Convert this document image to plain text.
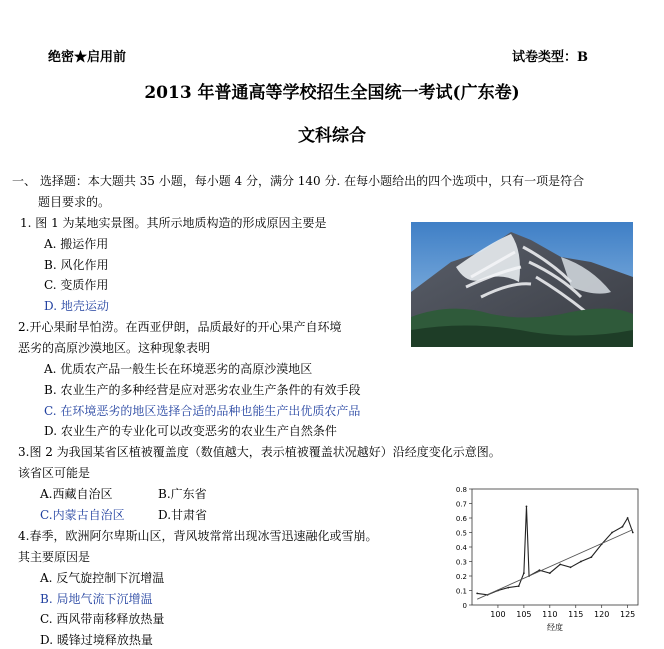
绝密★启用前	试卷类型：B
2013 年普通高等学校招生全国统一考试(广东卷)
文科综合
一、 选择题：本大题共 35 小题，每小题 4 分，满分 140 分. 在每小题给出的四个选项中，只有一项是符合
题目要求的。
1. 图 1 为某地实景图。其所示地质构造的形成原因主要是
A. 搬运作用
B. 风化作用
C. 变质作用
D. 地壳运动
2.开心果耐旱怕涝。在西亚伊朗，品质最好的开心果产自环境
恶劣的高原沙漠地区。这种现象表明
A. 优质农产品一般生长在环境恶劣的高原沙漠地区
B. 农业生产的多种经营是应对恶劣农业生产条件的有效手段
C. 在环境恶劣的地区选择合适的品种也能生产出优质农产品
D. 农业生产的专业化可以改变恶劣的农业生产自然条件
3.图 2 为我国某省区植被覆盖度（数值越大，表示植被覆盖状况越好）沿经度变化示意图。
该省区可能是
A.西藏自治区	B.广东省
C.内蒙古自治区	D.甘肃省
4.春季，欧洲阿尔卑斯山区，背风坡常常出现冰雪迅速融化或雪崩。
其主要原因是
A. 反气旋控制下沉增温
B. 局地气流下沉增温
C. 西风带南移释放热量
D. 暖锋过境释放热量
0
0.1
0.2
0.3
0.4
0.5
0.6
0.7
0.8
100 105 110 115 120 125
经度
